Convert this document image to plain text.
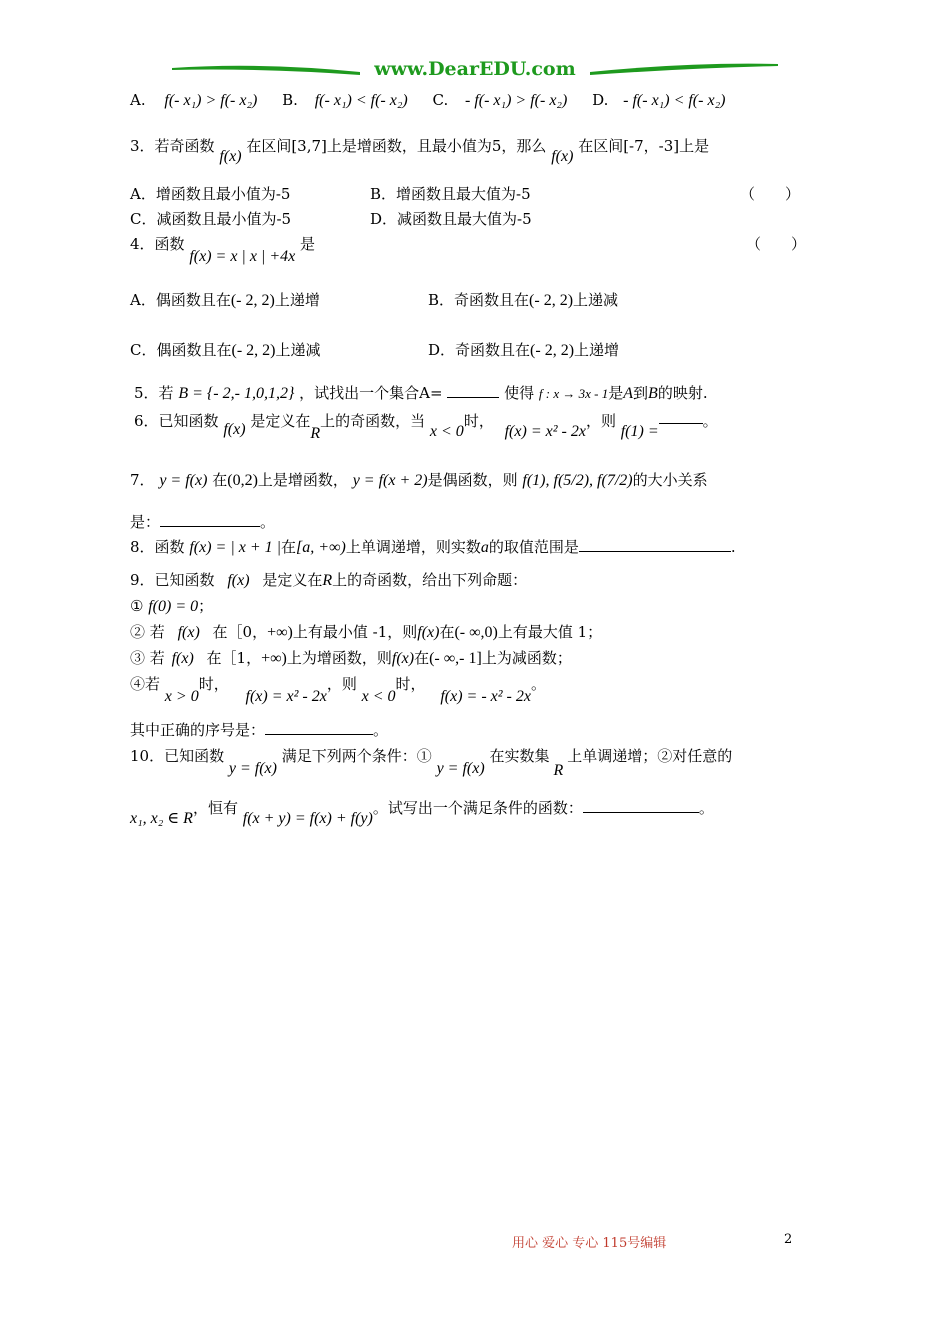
www.DearEDU.com
A. f(- x₁) > f(- x₂) B. f(- x₁) < f(- x₂) C. - f(- x₁) > f(- x₂) D. - f(- x₁) < f(- x₂)
3．若奇函数 f(x) 在区间[3,7]上是增函数，且最小值为5，那么 f(x) 在区间[-7，-3]上是
A．增函数且最小值为-5	B．增函数且最大值为-5	（　　）
C．减函数且最小值为-5	D．减函数且最大值为-5
4．函数 f(x) = x | x | +4x 是	（　　）
A．偶函数且在(- 2, 2)上递增	B．奇函数且在(- 2, 2)上递减
C．偶函数且在(- 2, 2)上递减	D．奇函数且在(- 2, 2)上递增
5．若 B = {- 2,- 1,0,1,2} ，试找出一个集合A=	使得 f : x → 3x - 1是A到B的映射.
6．已知函数 f(x) 是定义在R上的奇函数，当 x < 0时， f(x) = x² - 2x，则 f(1) =。
7． y = f(x) 在(0,2)上是增函数， y = f(x + 2)是偶函数，则 f(1), f(5/2), f(7/2)的大小关系
是：	。
8．函数 f(x) = | x + 1 |在[a, +∞)上单调递增，则实数a的取值范围是	.
9．已知函数 f(x) 是定义在R上的奇函数，给出下列命题：
① f(0) = 0；
② 若 f(x) 在［0，+∞)上有最小值 -1，则f(x)在(- ∞,0)上有最大值 1；
③ 若 f(x) 在［1，+∞)上为增函数，则f(x)在(- ∞,- 1]上为减函数；
④若 x > 0时， f(x) = x² - 2x，则 x < 0时， f(x) = - x² - 2x。
其中正确的序号是：	。
10．已知函数 y = f(x) 满足下列两个条件：① y = f(x) 在实数集R上单调递增；②对任意的
x₁, x₂ ∈ R，恒有 f(x + y) = f(x) + f(y)。试写出一个满足条件的函数：	。
用心 爱心 专心 115号编辑	2
